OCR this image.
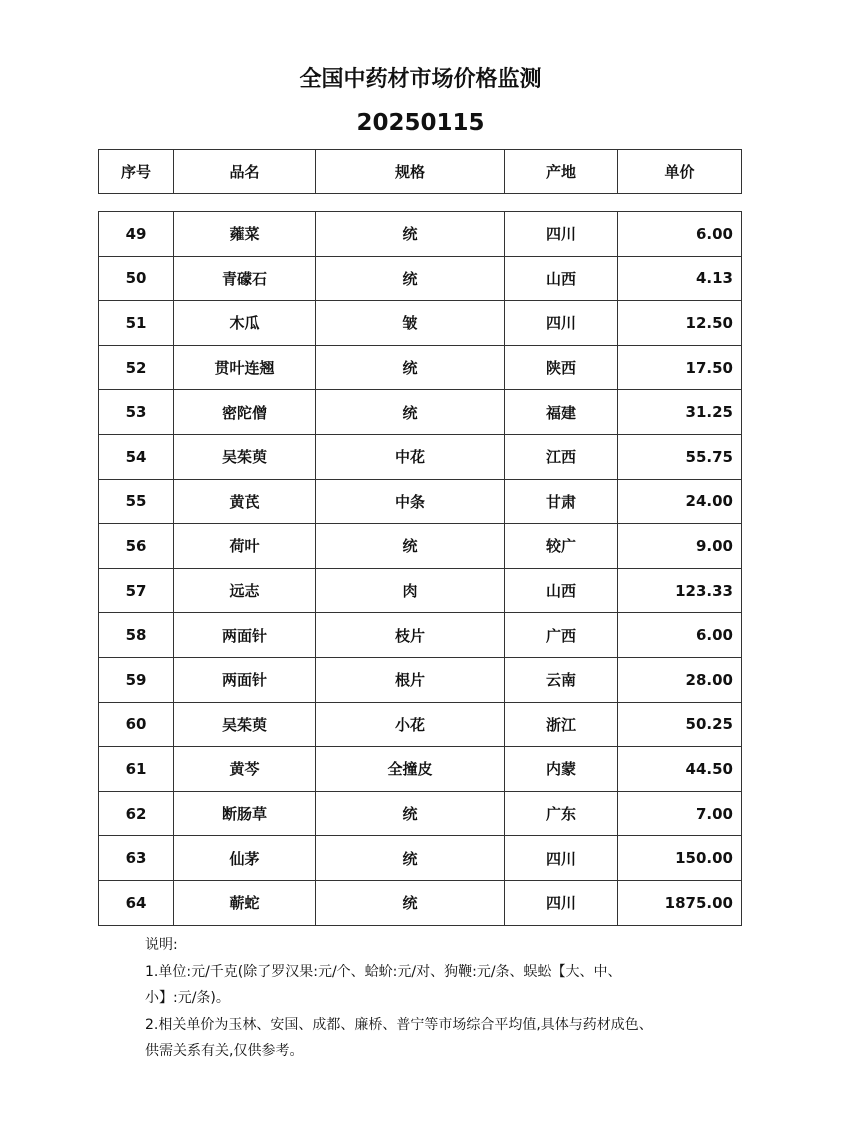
全国中药材市场价格监测
20250115
序号	品名	规格	产地	单价
49	蕹菜	统	四川	6.00
50	青礞石	统	山西	4.13
51	木瓜	皱	四川	12.50
52	贯叶连翘	统	陕西	17.50
53	密陀僧	统	福建	31.25
54	吴茱萸	中花	江西	55.75
55	黄芪	中条	甘肃	24.00
56	荷叶	统	较广	9.00
57	远志	肉	山西	123.33
58	两面针	枝片	广西	6.00
59	两面针	根片	云南	28.00
60	吴茱萸	小花	浙江	50.25
61	黄芩	全撞皮	内蒙	44.50
62	断肠草	统	广东	7.00
63	仙茅	统	四川	150.00
64	蕲蛇	统	四川	1875.00
说明:
1.单位:元/千克(除了罗汉果:元/个、蛤蚧:元/对、狗鞭:元/条、蜈蚣【大、中、
小】:元/条)。
2.相关单价为玉林、安国、成都、廉桥、普宁等市场综合平均值,具体与药材成色、
供需关系有关,仅供参考。
